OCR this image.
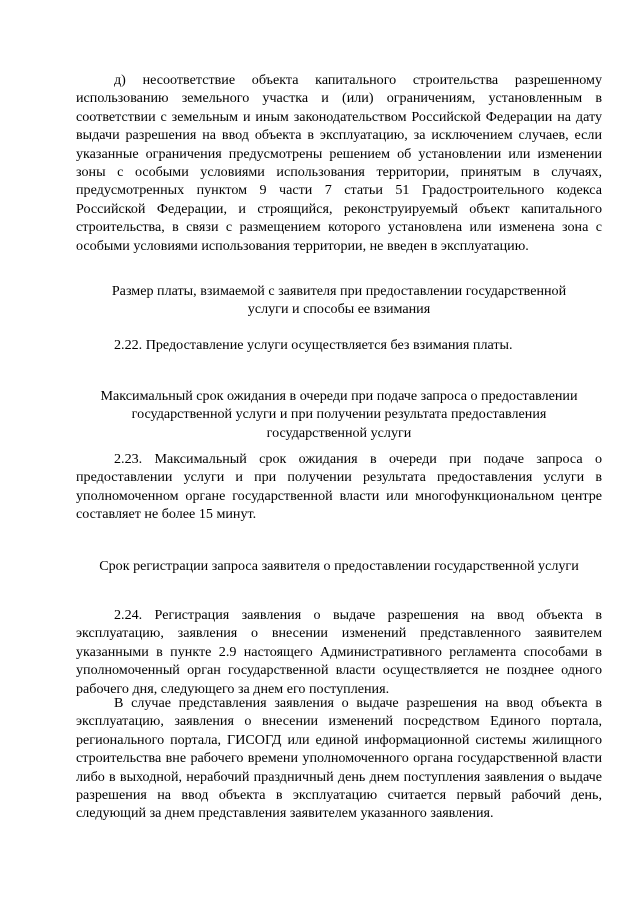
д) несоответствие объекта капитального строительства разрешенному использованию земельного участка и (или) ограничениям, установленным в соответствии с земельным и иным законодательством Российской Федерации на дату выдачи разрешения на ввод объекта в эксплуатацию, за исключением случаев, если указанные ограничения предусмотрены решением об установлении или изменении зоны с особыми условиями использования территории, принятым в случаях, предусмотренных пунктом 9 части 7 статьи 51 Градостроительного кодекса Российской Федерации, и строящийся, реконструируемый объект капитального строительства, в связи с размещением которого установлена или изменена зона с особыми условиями использования территории, не введен в эксплуатацию.

Размер платы, взимаемой с заявителя при предоставлении государственной услуги и способы ее взимания

2.22. Предоставление услуги осуществляется без взимания платы.

Максимальный срок ожидания в очереди при подаче запроса о предоставлении государственной услуги и при получении результата предоставления государственной услуги

2.23. Максимальный срок ожидания в очереди при подаче запроса о предоставлении услуги и при получении результата предоставления услуги в уполномоченном органе государственной власти или многофункциональном центре составляет не более 15 минут.

Срок регистрации запроса заявителя о предоставлении государственной услуги

2.24. Регистрация заявления о выдаче разрешения на ввод объекта в эксплуатацию, заявления о внесении изменений представленного заявителем указанными в пункте 2.9 настоящего Административного регламента способами в уполномоченный орган государственной власти осуществляется не позднее одного рабочего дня, следующего за днем его поступления.

В случае представления заявления о выдаче разрешения на ввод объекта в эксплуатацию, заявления о внесении изменений посредством Единого портала, регионального портала, ГИСОГД или единой информационной системы жилищного строительства вне рабочего времени уполномоченного органа государственной власти либо в выходной, нерабочий праздничный день днем поступления заявления о выдаче разрешения на ввод объекта в эксплуатацию считается первый рабочий день, следующий за днем представления заявителем указанного заявления.
